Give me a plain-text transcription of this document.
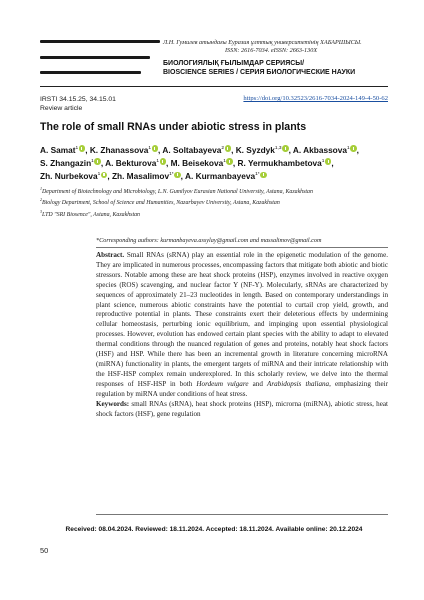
Л.Н. Гумилев атындағы Еуразия ұлттық университетінің ХАБАРШЫСЫ.
ISSN: 2616-7034. eISSN: 2663-130X
БИОЛОГИЯЛЫҚ ҒЫЛЫМДАР СЕРИЯСЫ/
BIOSCIENCE SERIES / СЕРИЯ БИОЛОГИЧЕСКИЕ НАУКИ
IRSTI 34.15.25, 34.15.01
Review article
https://doi.org/10.32523/2616-7034-2024-149-4-50-62
The role of small RNAs under abiotic stress in plants
A. Samat$^1$ , K. Zhanassova$^1$ , A. Soltabayeva$^2$ , K. Syzdyk$^{1,3}$ , A. Akbassova$^1$ , S. Zhangazin$^1$ , A. Bekturova$^1$ , M. Beisekova$^1$ , R. Yermukhambetova$^1$ , Zh. Nurbekova$^1$ , Zh. Masalimov$^{1*}$ , A. Kurmanbayeva$^{1*}$
$^1$Department of Biotechnology and Microbiology, L.N. Gumilyov Eurasian National University, Astana, Kazakhstan
$^2$Biology Department, School of Science and Humanities, Nazarbayev University, Astana, Kazakhstan
$^3$LTD "SRI Biosence", Astana, Kazakhstan
*Corresponding authors: kurmanbayeva.assylay@gmail.com and massalimov@gmail.com

Abstract. Small RNAs (sRNA) play an essential role in the epigenetic modulation of the genome. They are implicated in numerous processes, encompassing factors that mitigate both abiotic and biotic stressors. Notable among these are heat shock proteins (HSP), enzymes involved in reactive oxygen species (ROS) scavenging, and nuclear factor Y (NF-Y). Molecularly, sRNAs are characterized by sequences of approximately 21–23 nucleotides in length. Based on contemporary understandings in plant science, numerous abiotic constraints have the potential to curtail crop yield, growth, and reproductive potential in plants. These constraints exert their deleterious effects by undermining cellular homeostasis, perturbing ionic equilibrium, and impinging upon essential physiological processes. However, evolution has endowed certain plant species with the ability to adapt to elevated thermal conditions through the nuanced regulation of genes and proteins, notably heat shock factors (HSF) and HSP. While there has been an incremental growth in literature concerning microRNA (miRNA) functionality in plants, the emergent targets of miRNA and their intricate relationship with the HSF-HSP complex remain underexplored. In this scholarly review, we delve into the thermal responses of HSF-HSP in both Hordeum vulgare and Arabidopsis thaliana, emphasizing their regulation by miRNA under conditions of heat stress.

Keywords: small RNAs (sRNA), heat shock proteins (HSP), microrna (miRNA), abiotic stress, heat shock factors (HSF), gene regulation

Received: 08.04.2024. Reviewed: 18.11.2024. Accepted: 18.11.2024. Available online: 20.12.2024
50
